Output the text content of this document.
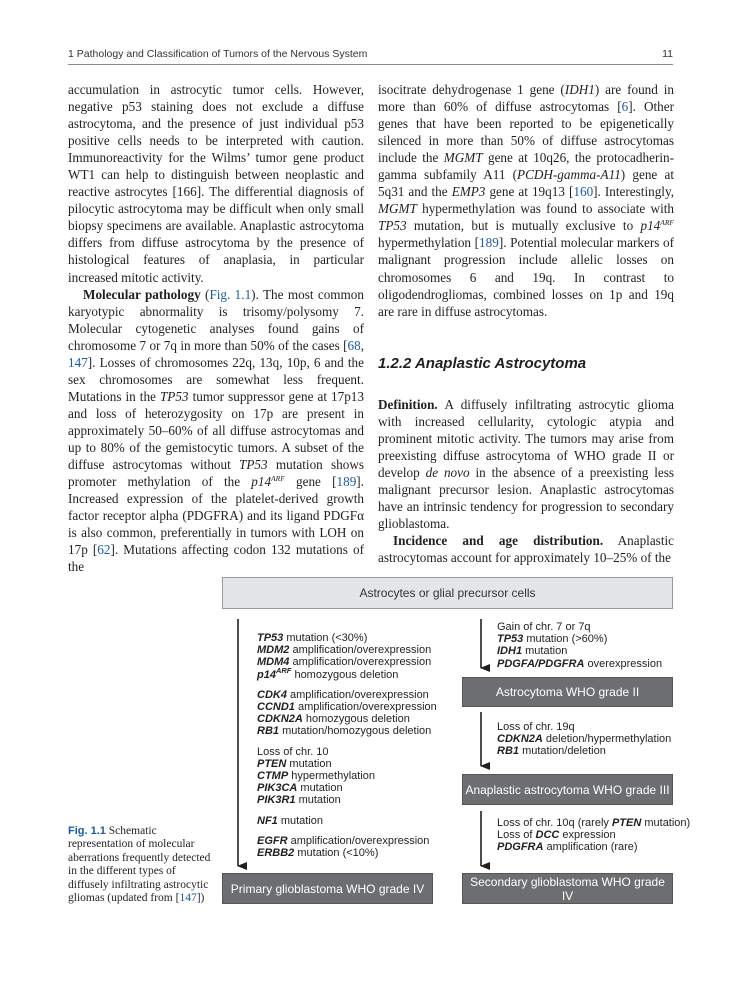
1 Pathology and Classification of Tumors of the Nervous System	11

accumulation in astrocytic tumor cells. However, negative p53 staining does not exclude a diffuse astrocytoma, and the presence of just individual p53 positive cells needs to be interpreted with caution. Immunoreactivity for the Wilms’ tumor gene product WT1 can help to distinguish between neoplastic and reactive astrocytes [166]. The differential diagnosis of pilocytic astrocytoma may be difficult when only small biopsy specimens are available. Anaplastic astrocytoma differs from diffuse astrocytoma by the presence of histological features of anaplasia, in particular increased mitotic activity.

Molecular pathology (Fig. 1.1). The most common karyotypic abnormality is trisomy/polysomy 7. Molecular cytogenetic analyses found gains of chromosome 7 or 7q in more than 50% of the cases [68, 147]. Losses of chromosomes 22q, 13q, 10p, 6 and the sex chromosomes are somewhat less frequent. Mutations in the TP53 tumor suppressor gene at 17p13 and loss of heterozygosity on 17p are present in approximately 50–60% of all diffuse astrocytomas and up to 80% of the gemistocytic tumors. A subset of the diffuse astrocytomas without TP53 mutation shows promoter methylation of the $p14^{ARF}$ gene [189]. Increased expression of the platelet-derived growth factor receptor alpha (PDGFRA) and its ligand PDGFα is also common, preferentially in tumors with LOH on 17p [62]. Mutations affecting codon 132 mutations of the

isocitrate dehydrogenase 1 gene (IDH1) are found in more than 60% of diffuse astrocytomas [6]. Other genes that have been reported to be epigenetically silenced in more than 50% of diffuse astrocytomas include the MGMT gene at 10q26, the protocadherin-gamma subfamily A11 (PCDH-gamma-A11) gene at 5q31 and the EMP3 gene at 19q13 [160]. Interestingly, MGMT hypermethylation was found to associate with TP53 mutation, but is mutually exclusive to $p14^{ARF}$ hypermethylation [189]. Potential molecular markers of malignant progression include allelic losses on chromosomes 6 and 19q. In contrast to oligodendrogliomas, combined losses on 1p and 19q are rare in diffuse astrocytomas.

1.2.2 Anaplastic Astrocytoma

Definition. A diffusely infiltrating astrocytic glioma with increased cellularity, cytologic atypia and prominent mitotic activity. The tumors may arise from preexisting diffuse astrocytoma of WHO grade II or develop de novo in the absence of a preexisting less malignant precursor lesion. Anaplastic astrocytomas have an intrinsic tendency for progression to secondary glioblastoma.

Incidence and age distribution. Anaplastic astrocytomas account for approximately 10–25% of the

Astrocytes or glial precursor cells
TP53 mutation (<30%)
MDM2 amplification/overexpression
MDM4 amplification/overexpression
$p14^{ARF}$ homozygous deletion
CDK4 amplification/overexpression
CCND1 amplification/overexpression
CDKN2A homozygous deletion
RB1 mutation/homozygous deletion
Loss of chr. 10
PTEN mutation
CTMP hypermethylation
PIK3CA mutation
PIK3R1 mutation
NF1 mutation
EGFR amplification/overexpression
ERBB2 mutation (<10%)
Gain of chr. 7 or 7q
TP53 mutation (>60%)
IDH1 mutation
PDGFA/PDGFRA overexpression
Astrocytoma WHO grade II
Loss of chr. 19q
CDKN2A deletion/hypermethylation
RB1 mutation/deletion
Anaplastic astrocytoma WHO grade III
Loss of chr. 10q (rarely PTEN mutation)
Loss of DCC expression
PDGFRA amplification (rare)
Primary glioblastoma WHO grade IV	Secondary glioblastoma WHO grade IV
Fig. 1.1 Schematic representation of molecular aberrations frequently detected in the different types of diffusely infiltrating astrocytic gliomas (updated from [147])
